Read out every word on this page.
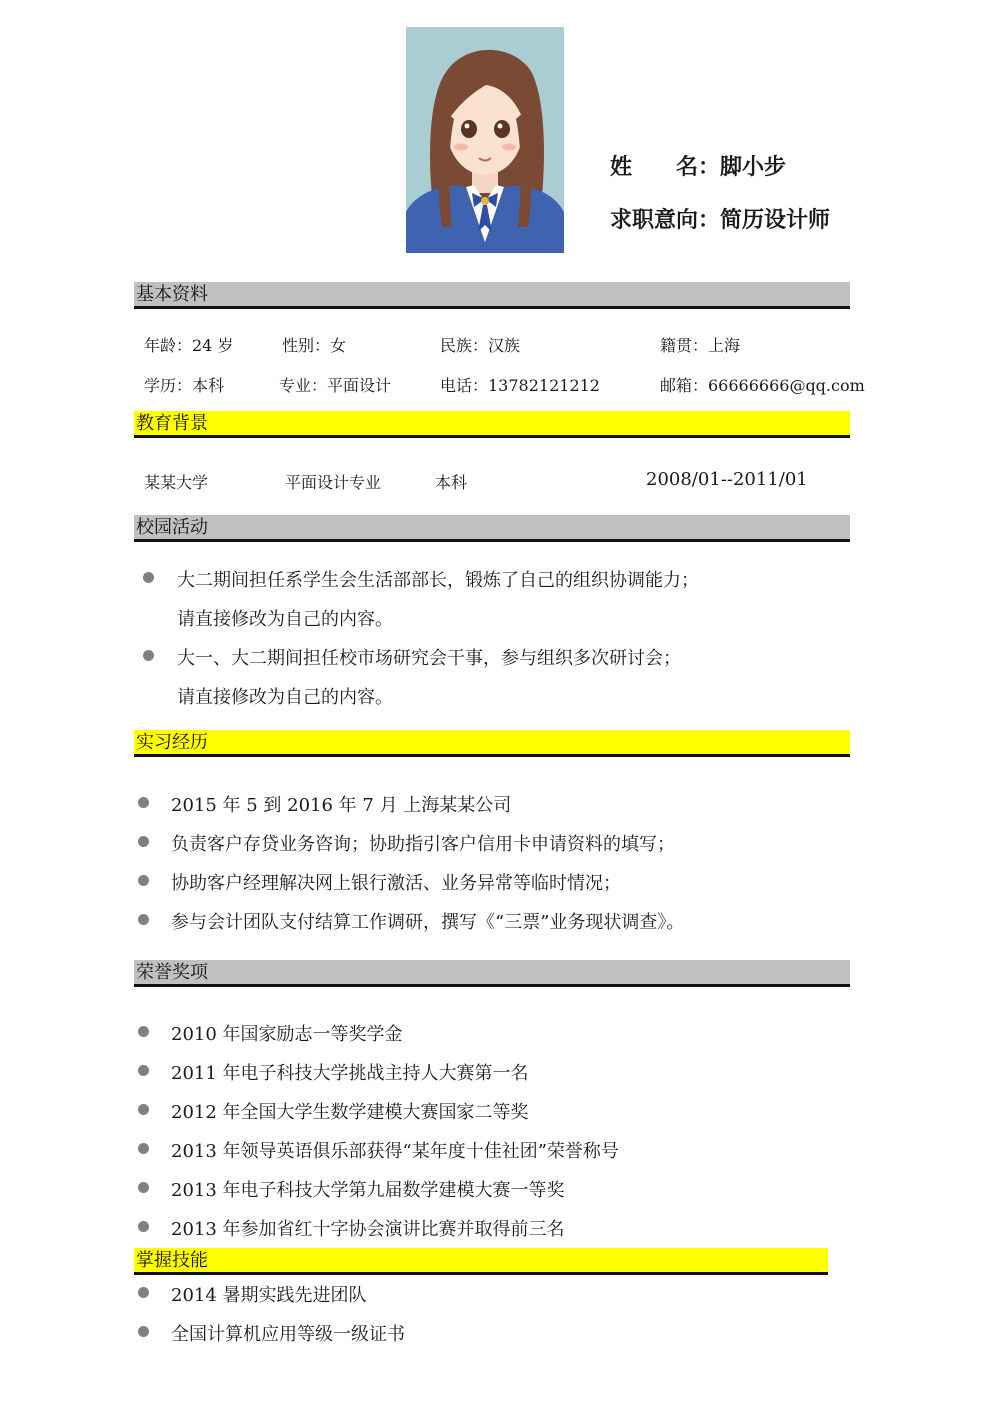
姓　　名：脚小步
求职意向：简历设计师
基本资料
年龄：24 岁	性别：女	民族：汉族	籍贯：上海
学历：本科	专业：平面设计	电话：13782121212	邮箱：66666666@qq.com
教育背景
某某大学	平面设计专业	本科	2008/01--2011/01
校园活动
大二期间担任系学生会生活部部长，锻炼了自己的组织协调能力；
请直接修改为自己的内容。
大一、大二期间担任校市场研究会干事，参与组织多次研讨会；
请直接修改为自己的内容。
实习经历
2015 年 5 到 2016 年 7 月 上海某某公司
负责客户存贷业务咨询；协助指引客户信用卡申请资料的填写；
协助客户经理解决网上银行激活、业务异常等临时情况；
参与会计团队支付结算工作调研，撰写《“三票”业务现状调查》。
荣誉奖项
2010 年国家励志一等奖学金
2011 年电子科技大学挑战主持人大赛第一名
2012 年全国大学生数学建模大赛国家二等奖
2013 年领导英语俱乐部获得“某年度十佳社团”荣誉称号
2013 年电子科技大学第九届数学建模大赛一等奖
2013 年参加省红十字协会演讲比赛并取得前三名
掌握技能
2014 暑期实践先进团队
全国计算机应用等级一级证书
